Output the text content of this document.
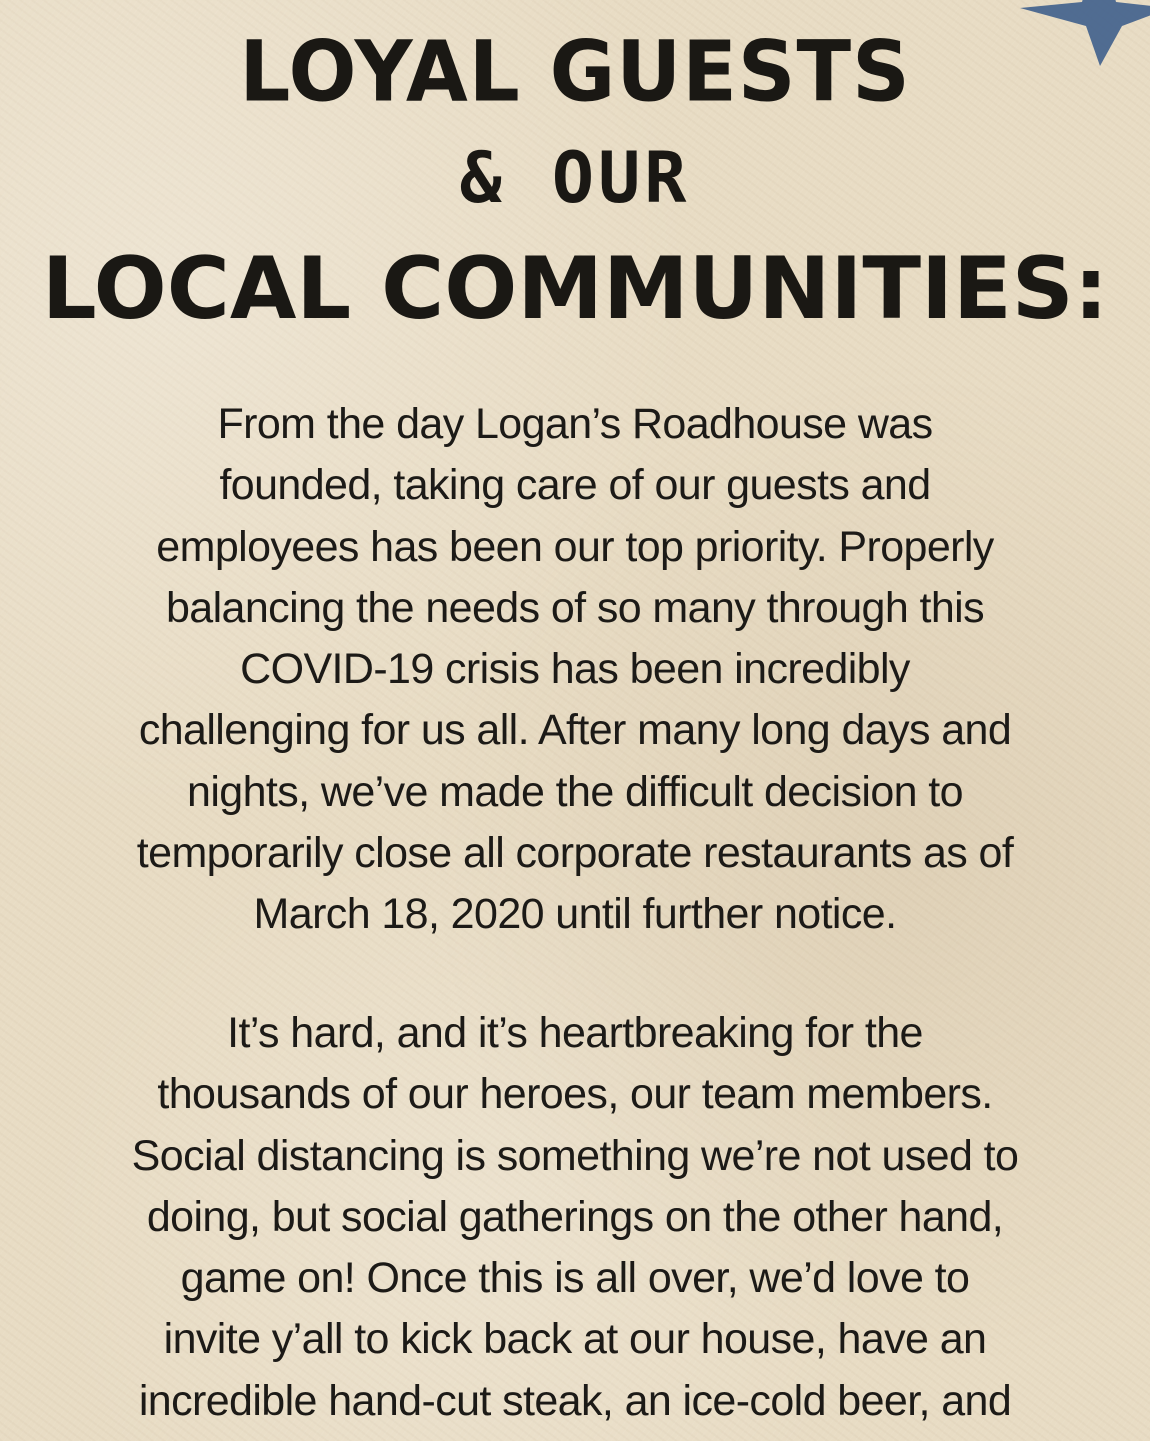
LOYAL GUESTS
& OUR
LOCAL COMMUNITIES:
From the day Logan’s Roadhouse was
founded, taking care of our guests and
employees has been our top priority. Properly
balancing the needs of so many through this
COVID-19 crisis has been incredibly
challenging for us all. After many long days and
nights, we’ve made the difficult decision to
temporarily close all corporate restaurants as of
March 18, 2020 until further notice.
It’s hard, and it’s heartbreaking for the
thousands of our heroes, our team members.
Social distancing is something we’re not used to
doing, but social gatherings on the other hand,
game on! Once this is all over, we’d love to
invite y’all to kick back at our house, have an
incredible hand-cut steak, an ice-cold beer, and
